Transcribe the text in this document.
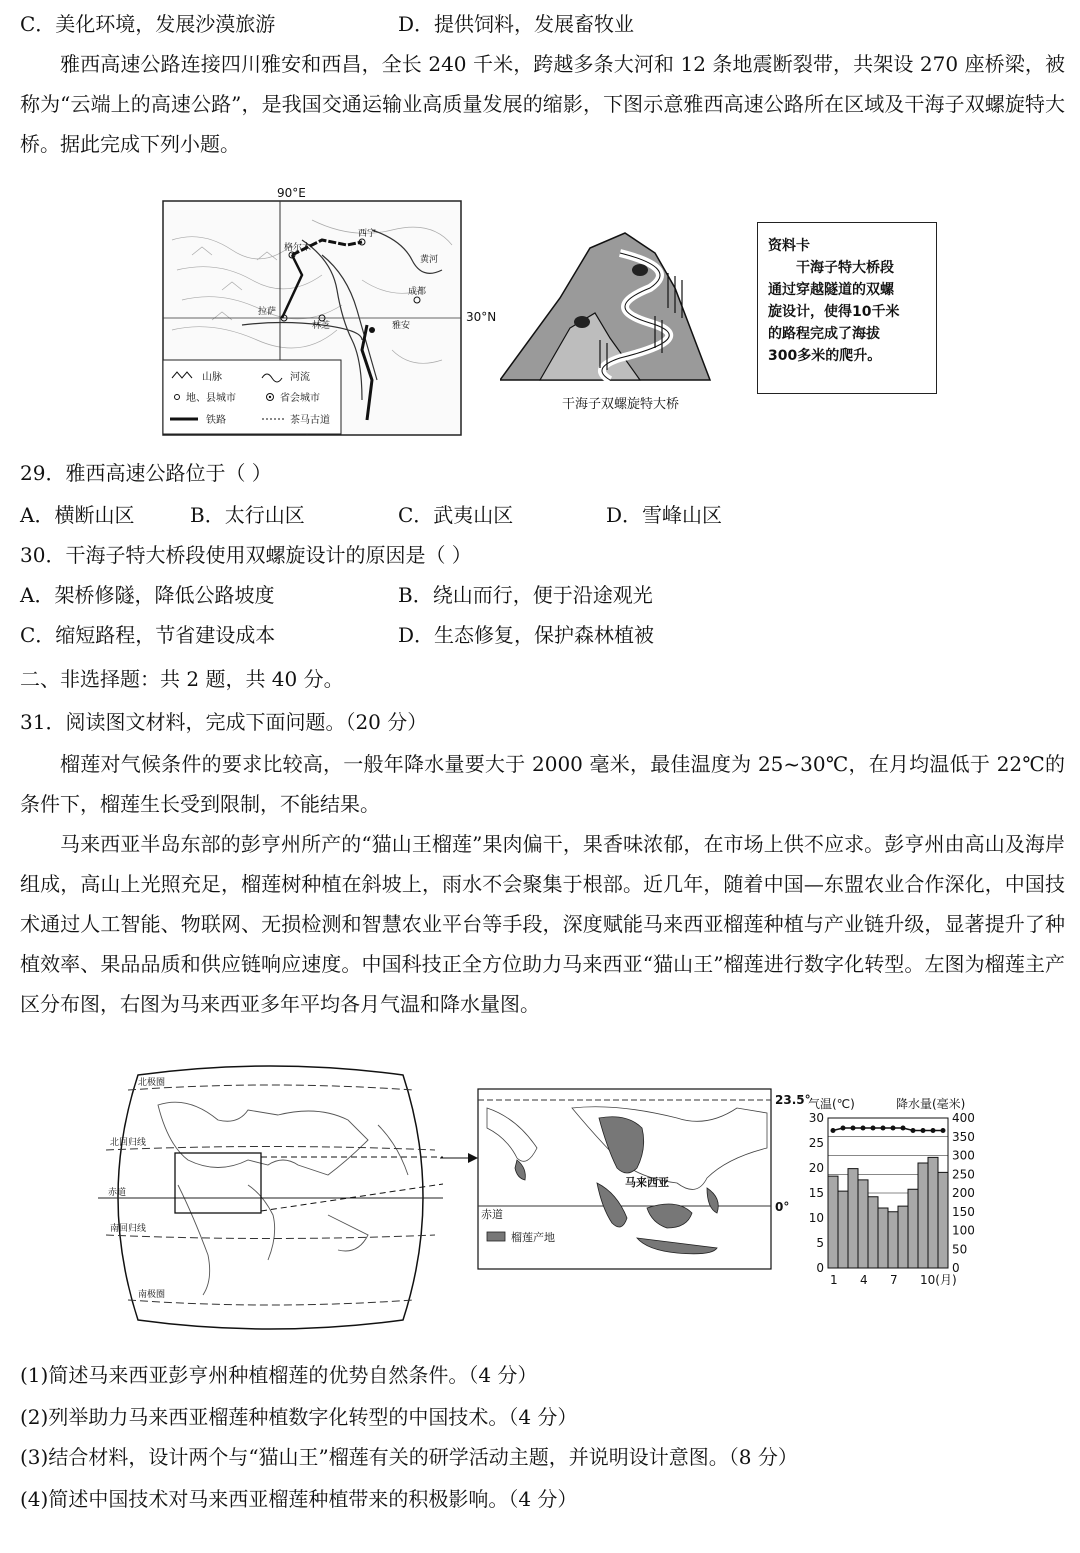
C．美化环境，发展沙漠旅游	D．提供饲料，发展畜牧业

雅西高速公路连接四川雅安和西昌，全长 240 千米，跨越多条大河和 12 条地震断裂带，共架设 270 座桥梁，被称为“云端上的高速公路”，是我国交通运输业高质量发展的缩影，下图示意雅西高速公路所在区域及干海子双螺旋特大桥。据此完成下列小题。

格尔木
西宁
黄河
成都
拉萨
林芝	雅安
山脉	河流
地、县城市	省会城市
铁路	茶马古道
90°E
30°N
干海子双螺旋特大桥
资料卡
干海子特大桥段
通过穿越隧道的双螺
旋设计，使得10千米
的路程完成了海拔
300多米的爬升。
29．雅西高速公路位于（ ）
A．横断山区	B．太行山区	C．武夷山区	D．雪峰山区
30．干海子特大桥段使用双螺旋设计的原因是（ ）
A．架桥修隧，降低公路坡度	B．绕山而行，便于沿途观光
C．缩短路程，节省建设成本	D．生态修复，保护森林植被
二、非选择题：共 2 题，共 40 分。
31．阅读图文材料，完成下面问题。（20 分）

榴莲对气候条件的要求比较高，一般年降水量要大于 2000 毫米，最佳温度为 25~30℃，在月均温低于 22℃的条件下，榴莲生长受到限制，不能结果。

马来西亚半岛东部的彭亨州所产的“猫山王榴莲”果肉偏干，果香味浓郁，在市场上供不应求。彭亨州由高山及海岸组成，高山上光照充足，榴莲树种植在斜坡上，雨水不会聚集于根部。近几年，随着中国—东盟农业合作深化，中国技术通过人工智能、物联网、无损检测和智慧农业平台等手段，深度赋能马来西亚榴莲种植与产业链升级，显著提升了种植效率、果品品质和供应链响应速度。中国科技正全方位助力马来西亚“猫山王”榴莲进行数字化转型。左图为榴莲主产区分布图，右图为马来西亚多年平均各月气温和降水量图。

北极圈
北回归线
赤道
南回归线
南极圈
马来西亚
赤道
榴莲产地
23.5°
0°
气温(℃)	降水量(毫米)
0
50
100
150
200
250
300
350
400
0
5
10
15
20
25
30
1 4 7 10(月)
(1)简述马来西亚彭亨州种植榴莲的优势自然条件。（4 分）
(2)列举助力马来西亚榴莲种植数字化转型的中国技术。（4 分）
(3)结合材料，设计两个与“猫山王”榴莲有关的研学活动主题，并说明设计意图。（8 分）
(4)简述中国技术对马来西亚榴莲种植带来的积极影响。（4 分）
